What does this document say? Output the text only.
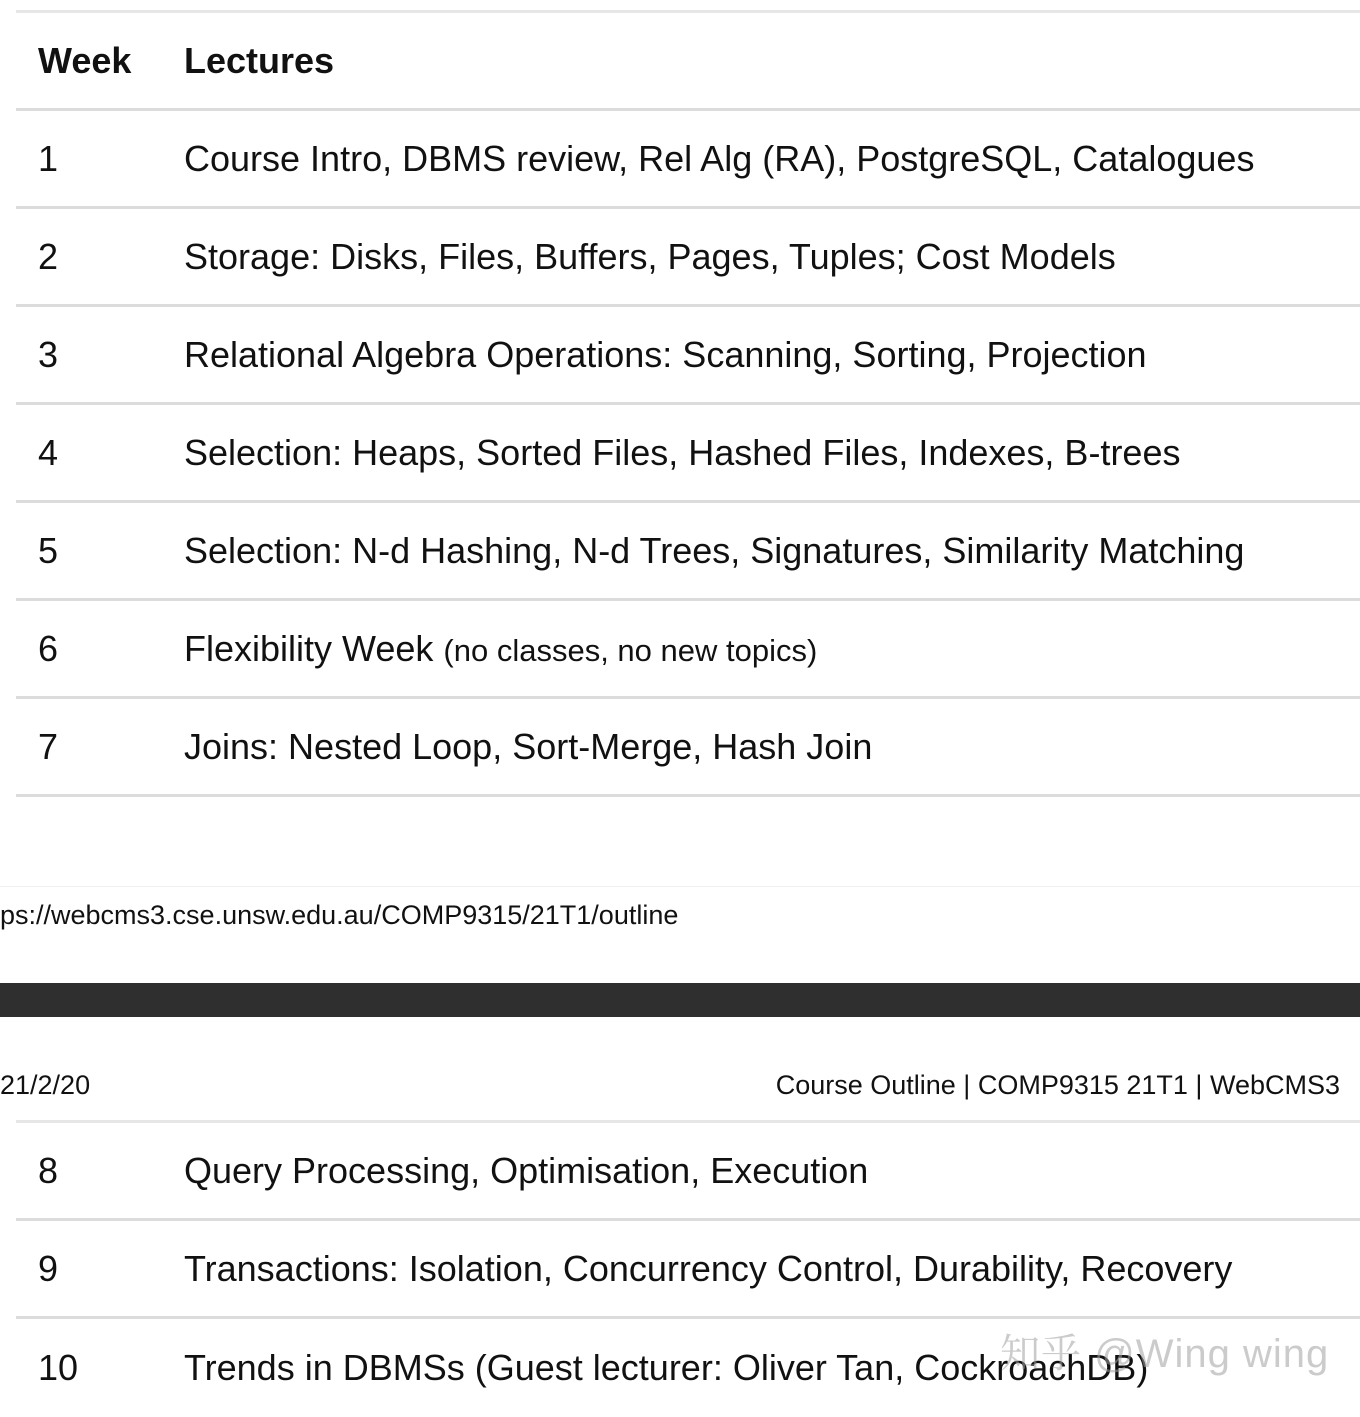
Week Lectures
1	Course Intro, DBMS review, Rel Alg (RA), PostgreSQL, Catalogues
2	Storage: Disks, Files, Buffers, Pages, Tuples; Cost Models
3	Relational Algebra Operations: Scanning, Sorting, Projection
4	Selection: Heaps, Sorted Files, Hashed Files, Indexes, B-trees
5	Selection: N-d Hashing, N-d Trees, Signatures, Similarity Matching
6	Flexibility Week (no classes, no new topics)
7	Joins: Nested Loop, Sort-Merge, Hash Join
ps://webcms3.cse.unsw.edu.au/COMP9315/21T1/outline
21/2/20	Course Outline | COMP9315 21T1 | WebCMS3
8	Query Processing, Optimisation, Execution
9	Transactions: Isolation, Concurrency Control, Durability, Recovery
10	Trends in DBMSs (Guest lecturer: Oliver Tan, CockroachDB)
知乎 @Wing wing
